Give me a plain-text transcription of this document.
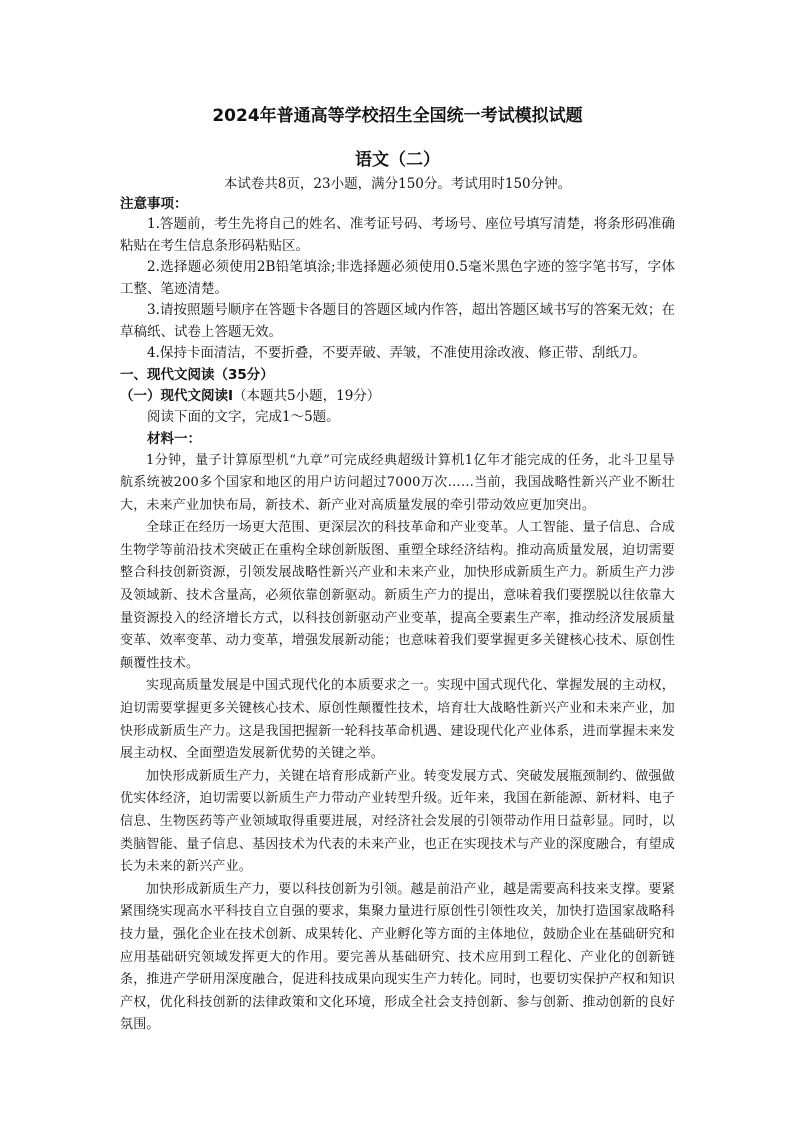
2024年普通高等学校招生全国统一考试模拟试题
语文（二）

本试卷共8页，23小题，满分150分。考试用时150分钟。

注意事项：

1.答题前，考生先将自己的姓名、准考证号码、考场号、座位号填写清楚，将条形码准确粘贴在考生信息条形码粘贴区。

2.选择题必须使用2B铅笔填涂;非选择题必须使用0.5毫米黑色字迹的签字笔书写，字体工整、笔迹清楚。

3.请按照题号顺序在答题卡各题目的答题区域内作答，超出答题区域书写的答案无效；在草稿纸、试卷上答题无效。

4.保持卡面清洁，不要折叠，不要弄破、弄皱，不准使用涂改液、修正带、刮纸刀。

一、现代文阅读（35分）

（一）现代文阅读Ⅰ（本题共5小题，19分）

阅读下面的文字，完成1～5题。

材料一：

1分钟，量子计算原型机“九章”可完成经典超级计算机1亿年才能完成的任务，北斗卫星导航系统被200多个国家和地区的用户访问超过7000万次……当前，我国战略性新兴产业不断壮大，未来产业加快布局，新技术、新产业对高质量发展的牵引带动效应更加突出。

全球正在经历一场更大范围、更深层次的科技革命和产业变革。人工智能、量子信息、合成生物学等前沿技术突破正在重构全球创新版图、重塑全球经济结构。推动高质量发展，迫切需要整合科技创新资源，引领发展战略性新兴产业和未来产业，加快形成新质生产力。新质生产力涉及领域新、技术含量高，必须依靠创新驱动。新质生产力的提出，意味着我们要摆脱以往依靠大量资源投入的经济增长方式，以科技创新驱动产业变革，提高全要素生产率，推动经济发展质量变革、效率变革、动力变革，增强发展新动能；也意味着我们要掌握更多关键核心技术、原创性颠覆性技术。

实现高质量发展是中国式现代化的本质要求之一。实现中国式现代化、掌握发展的主动权，迫切需要掌握更多关键核心技术、原创性颠覆性技术，培育壮大战略性新兴产业和未来产业，加快形成新质生产力。这是我国把握新一轮科技革命机遇、建设现代化产业体系，进而掌握未来发展主动权、全面塑造发展新优势的关键之举。

加快形成新质生产力，关键在培育形成新产业。转变发展方式、突破发展瓶颈制约、做强做优实体经济，迫切需要以新质生产力带动产业转型升级。近年来，我国在新能源、新材料、电子信息、生物医药等产业领域取得重要进展，对经济社会发展的引领带动作用日益彰显。同时，以类脑智能、量子信息、基因技术为代表的未来产业，也正在实现技术与产业的深度融合，有望成长为未来的新兴产业。

加快形成新质生产力，要以科技创新为引领。越是前沿产业，越是需要高科技来支撑。要紧紧围绕实现高水平科技自立自强的要求，集聚力量进行原创性引领性攻关，加快打造国家战略科技力量，强化企业在技术创新、成果转化、产业孵化等方面的主体地位，鼓励企业在基础研究和应用基础研究领域发挥更大的作用。要完善从基础研究、技术应用到工程化、产业化的创新链条，推进产学研用深度融合，促进科技成果向现实生产力转化。同时，也要切实保护产权和知识产权，优化科技创新的法律政策和文化环境，形成全社会支持创新、参与创新、推动创新的良好氛围。
